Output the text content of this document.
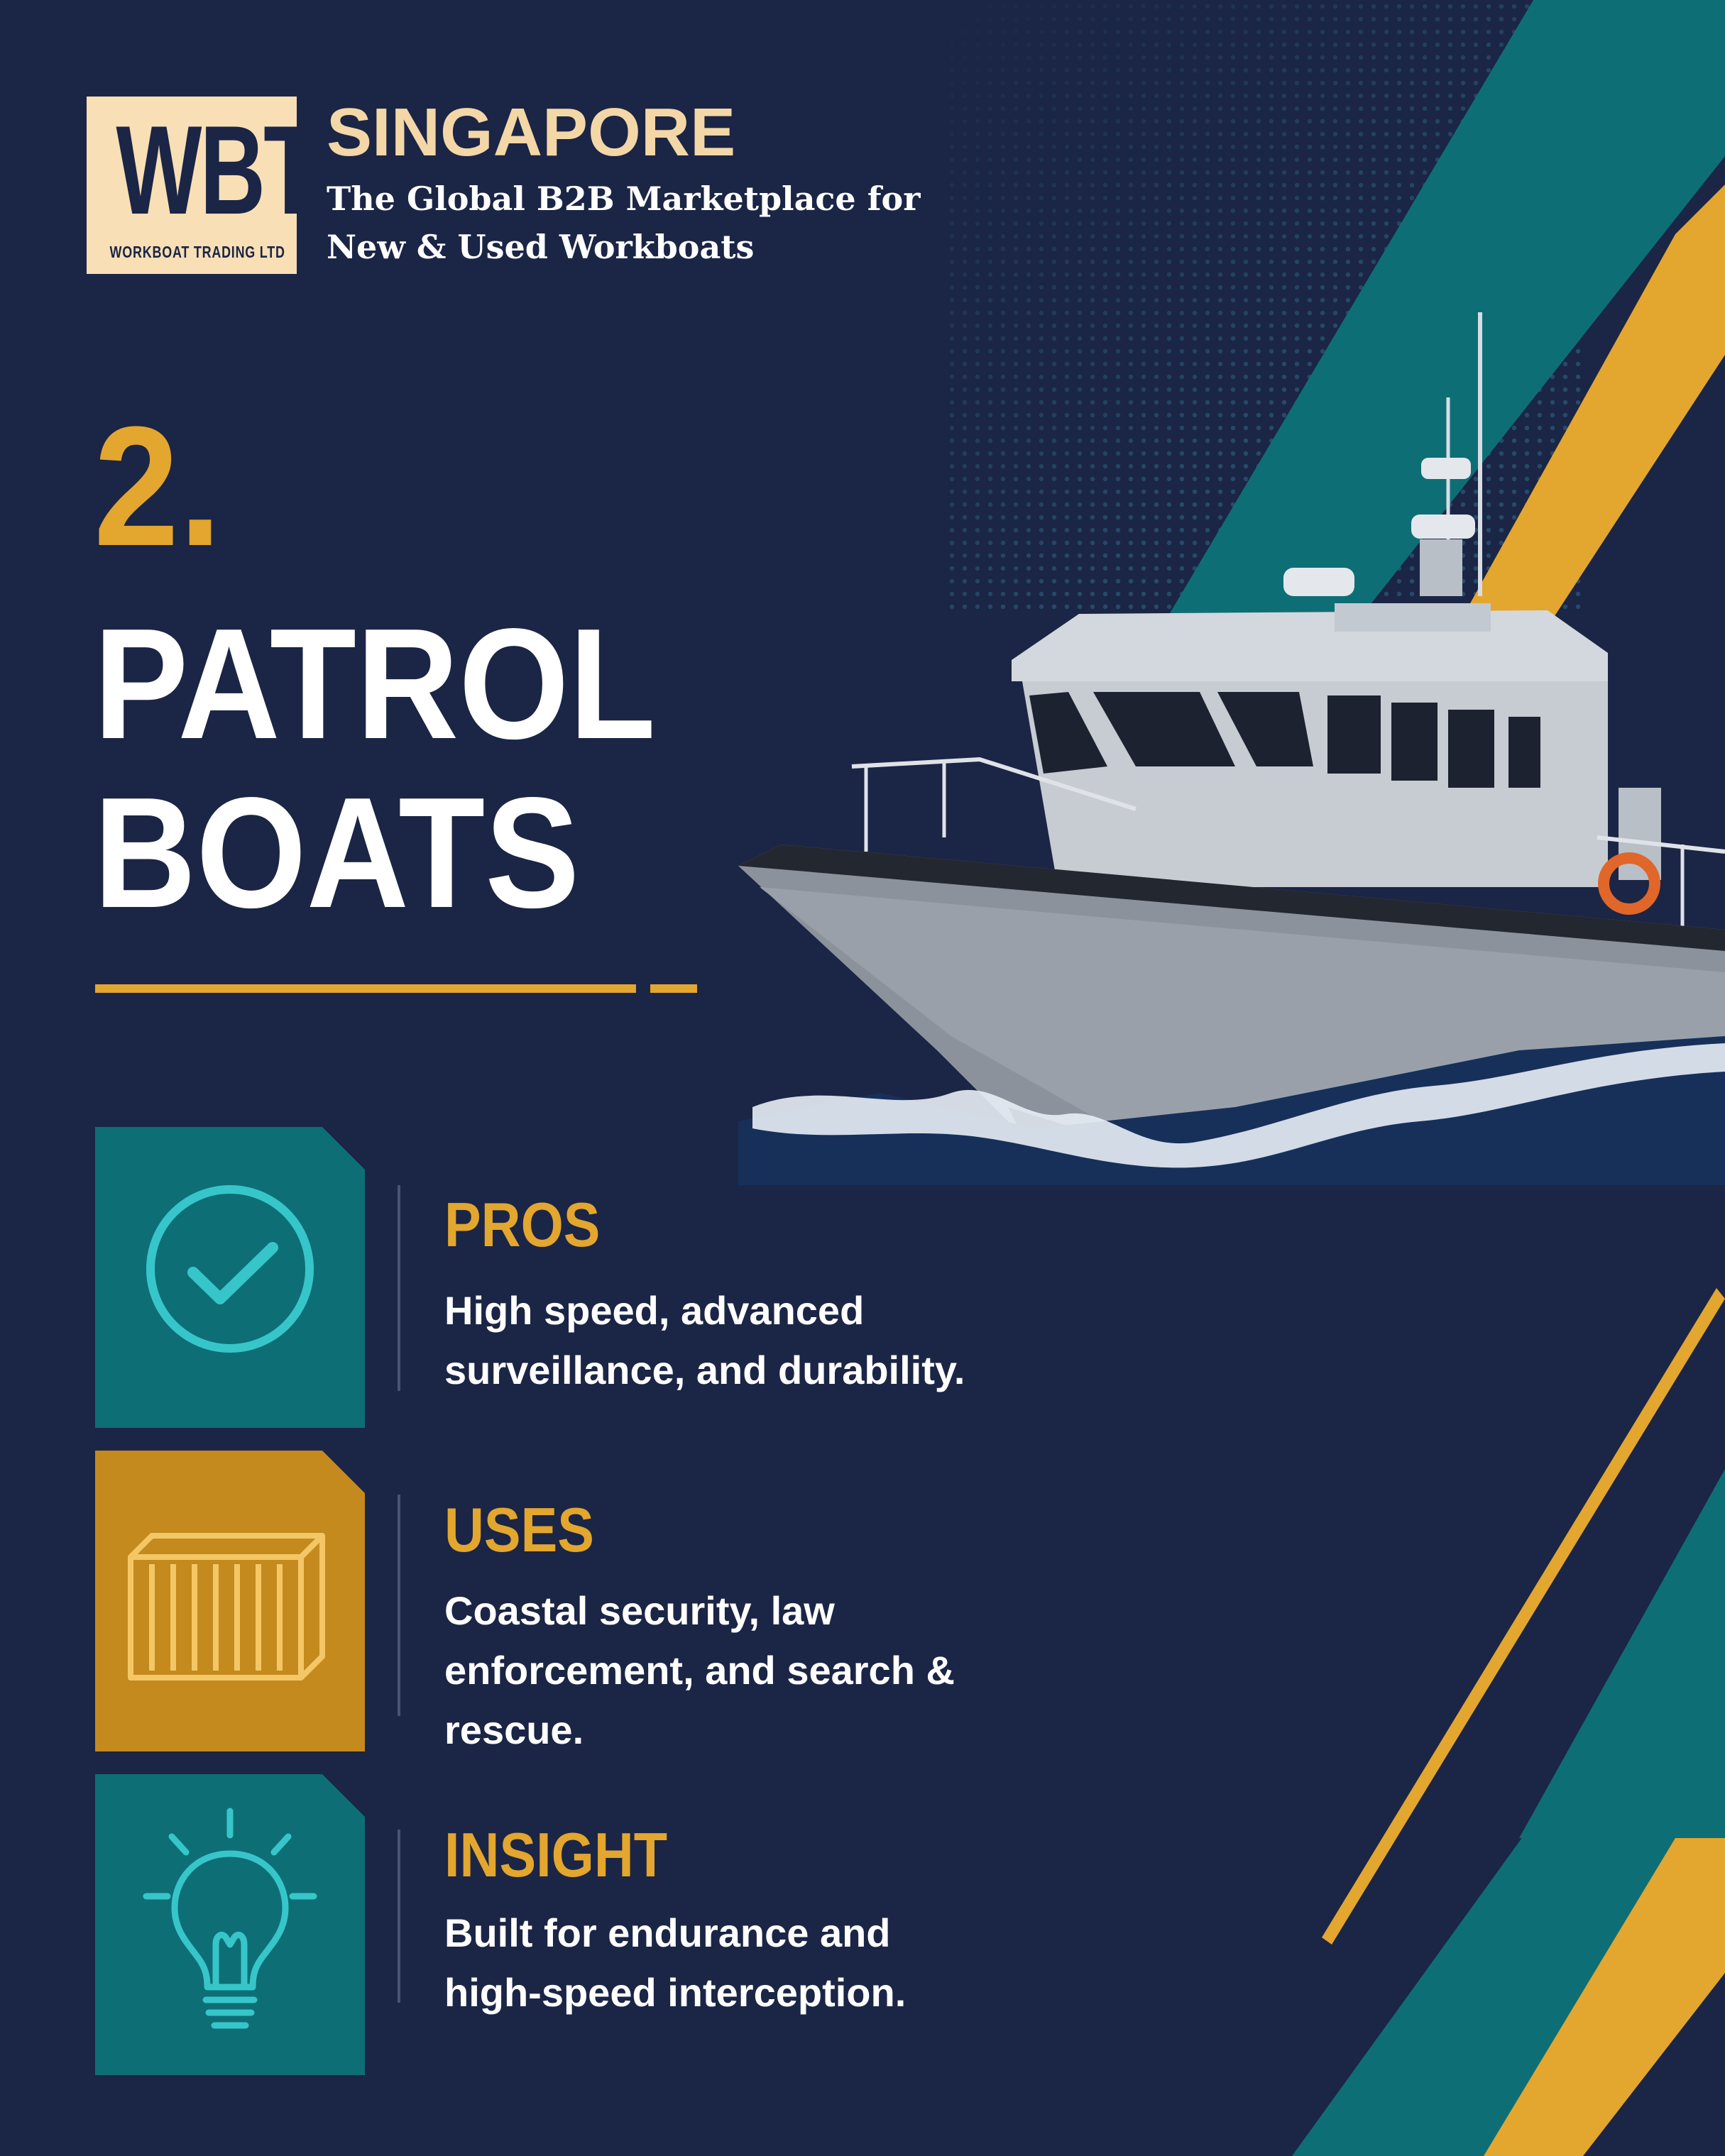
WBT
WORKBOAT TRADING LTD
SINGAPORE
The Global B2B Marketplace for
New & Used Workboats
2.
PATROL
BOATS
PROS
High speed, advanced surveillance, and durability.
USES
Coastal security, law enforcement, and search & rescue.
INSIGHT
Built for endurance and high-speed interception.
